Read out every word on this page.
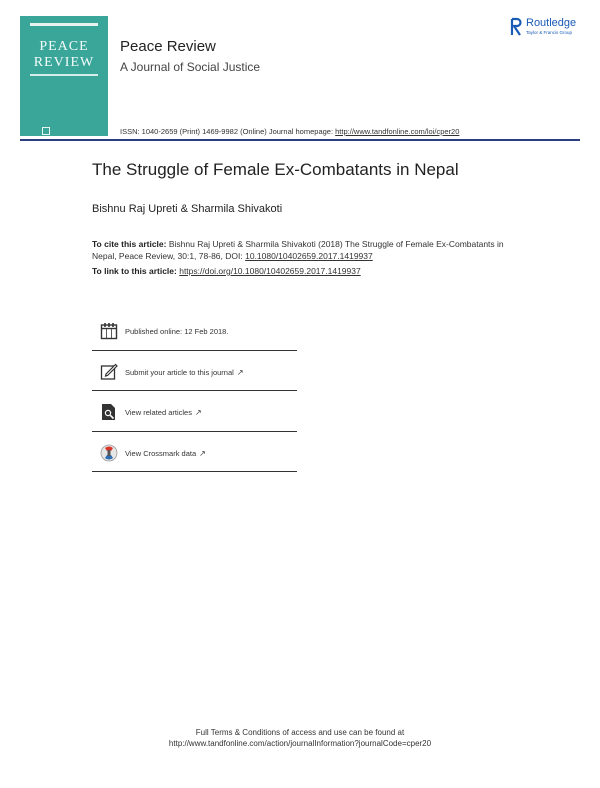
PEACE
REVIEW
Peace Review
A Journal of Social Justice
ISSN: 1040-2659 (Print) 1469-9982 (Online) Journal homepage: http://www.tandfonline.com/loi/cper20
Routledge
Taylor & Francis Group
The Struggle of Female Ex-Combatants in Nepal
Bishnu Raj Upreti & Sharmila Shivakoti
To cite this article: Bishnu Raj Upreti & Sharmila Shivakoti (2018) The Struggle of Female Ex-Combatants in Nepal, Peace Review, 30:1, 78-86, DOI: 10.1080/10402659.2017.1419937
To link to this article: https://doi.org/10.1080/10402659.2017.1419937
Published online: 12 Feb 2018.
Submit your article to this journal ↗
View related articles ↗
View Crossmark data ↗
Full Terms & Conditions of access and use can be found at
http://www.tandfonline.com/action/journalInformation?journalCode=cper20
